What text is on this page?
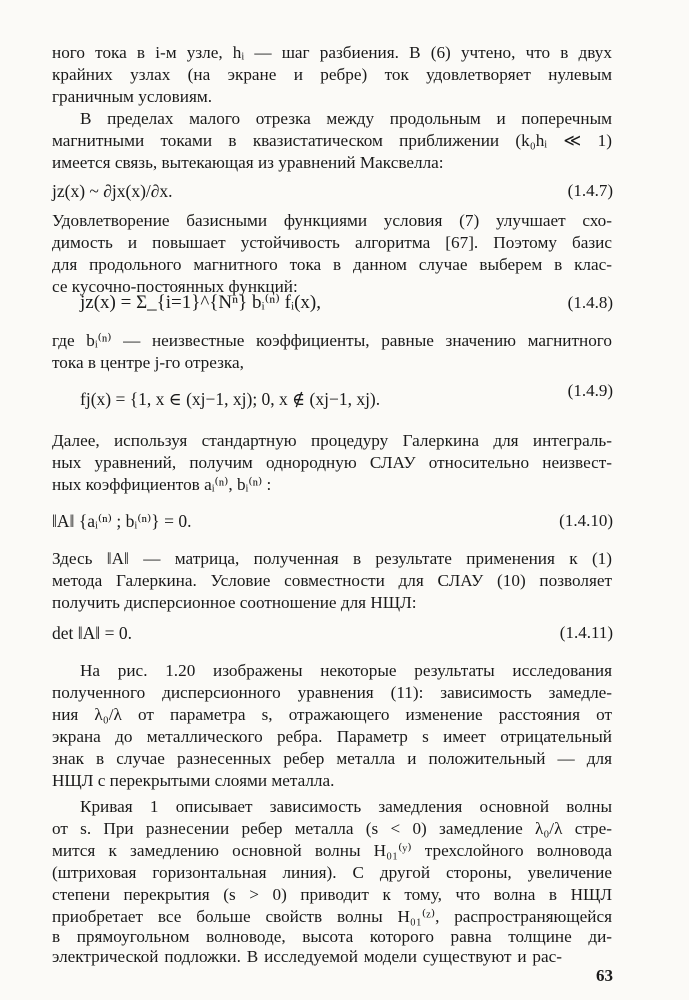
ного тока в i-м узле, hᵢ — шаг разбиения. В (6) учтено, что в двух
крайних узлах (на экране и ребре) ток удовлетворяет нулевым
граничным условиям.
В пределах малого отрезка между продольным и поперечным
магнитными токами в квазистатическом приближении (k₀hᵢ ≪ 1)
имеется связь, вытекающая из уравнений Максвелла:
jz(x) ~ ∂jx(x)/∂x.	(1.4.7)
Удовлетворение базисными функциями условия (7) улучшает схо-
димость и повышает устойчивость алгоритма [67]. Поэтому базис
для продольного магнитного тока в данном случае выберем в клас-
се кусочно-постоянных функций:
jz(x) = Σ_{i=1}^{Nⁿ} bᵢ⁽ⁿ⁾ fᵢ(x),	(1.4.8)
где bᵢ⁽ⁿ⁾ — неизвестные коэффициенты, равные значению магнитного
тока в центре j-го отрезка,
fj(x) = {1, x ∈ (xj−1, xj); 0, x ∉ (xj−1, xj).	(1.4.9)
Далее, используя стандартную процедуру Галеркина для интеграль-
ных уравнений, получим однородную СЛАУ относительно неизвест-
ных коэффициентов aᵢ⁽ⁿ⁾, bᵢ⁽ⁿ⁾ :
‖A‖ {aᵢ⁽ⁿ⁾ ; bᵢ⁽ⁿ⁾} = 0.	(1.4.10)
Здесь ‖A‖ — матрица, полученная в результате применения к (1)
метода Галеркина. Условие совместности для СЛАУ (10) позволяет
получить дисперсионное соотношение для НЩЛ:
det ‖A‖ = 0.	(1.4.11)
На рис. 1.20 изображены некоторые результаты исследования
полученного дисперсионного уравнения (11): зависимость замедле-
ния λ₀/λ от параметра s, отражающего изменение расстояния от
экрана до металлического ребра. Параметр s имеет отрицательный
знак в случае разнесенных ребер металла и положительный — для
НЩЛ с перекрытыми слоями металла.
Кривая 1 описывает зависимость замедления основной волны
от s. При разнесении ребер металла (s < 0) замедление λ₀/λ стре-
мится к замедлению основной волны H₀₁⁽ʸ⁾ трехслойного волновода
(штриховая горизонтальная линия). С другой стороны, увеличение
степени перекрытия (s > 0) приводит к тому, что волна в НЩЛ
приобретает все больше свойств волны H₀₁⁽ᶻ⁾, распространяющейся
в прямоугольном волноводе, высота которого равна толщине ди-
электрической подложки. В исследуемой модели существуют и рас-
63
